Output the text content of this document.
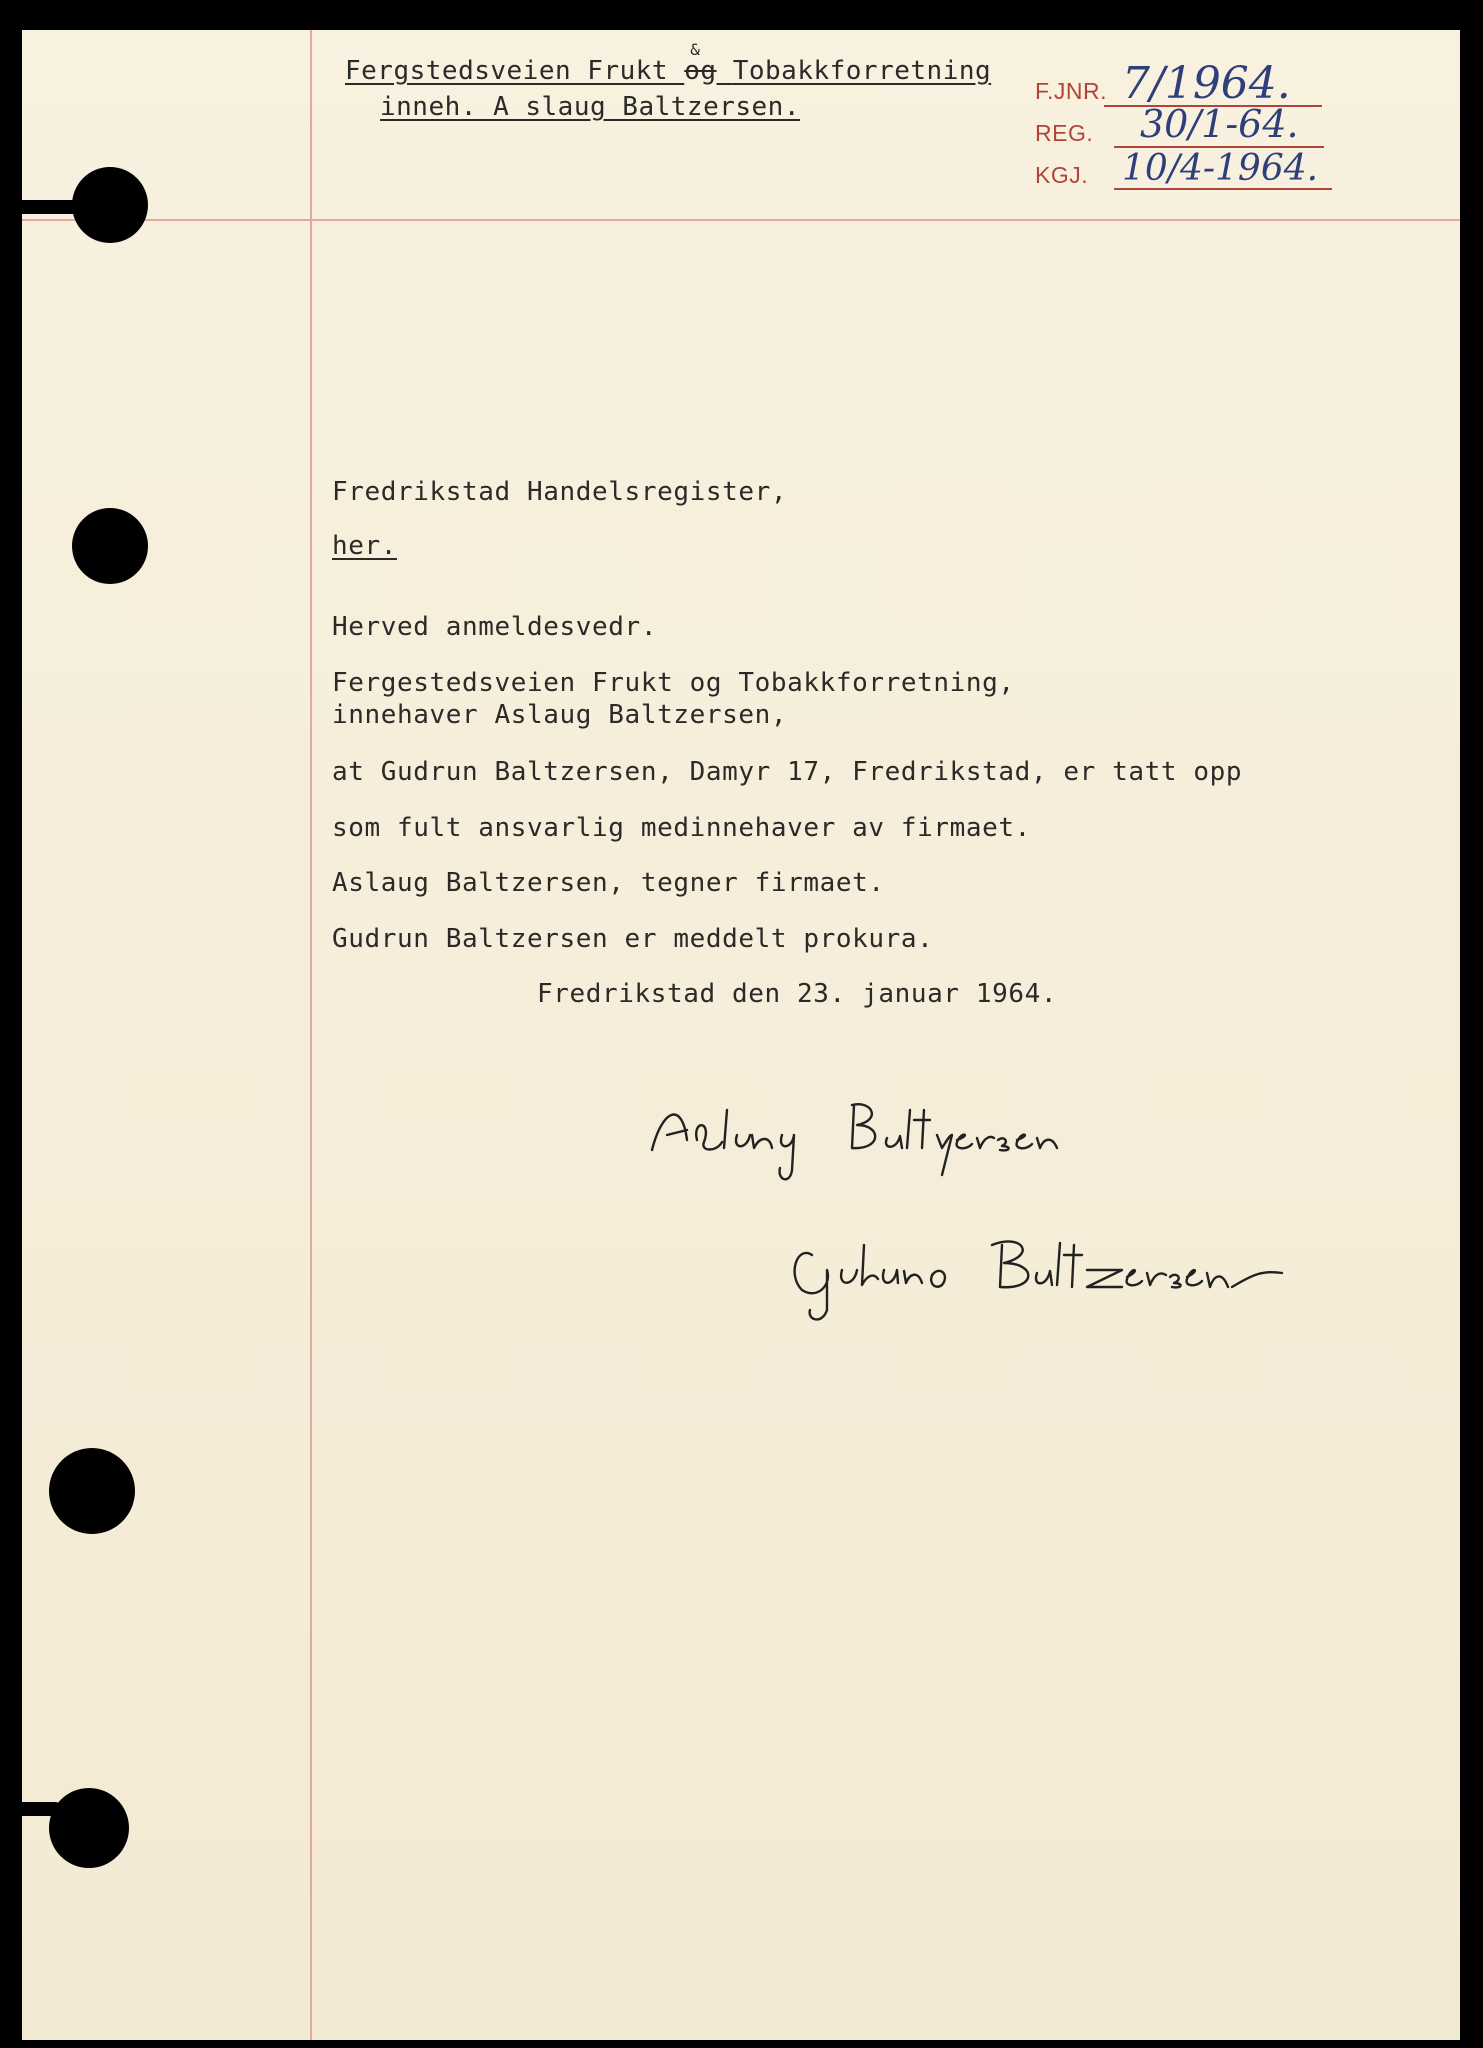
Fergstedsveien Frukt
&
og Tobakkforretning
inneh. A slaug Baltzersen.
F.JNR. 7/1964.
REG. 30/1-64.
KGJ. 10/4-1964.
Fredrikstad Handelsregister,
her.
Herved anmeldesvedr.
Fergestedsveien Frukt og Tobakkforretning,
innehaver Aslaug Baltzersen,
at Gudrun Baltzersen, Damyr 17, Fredrikstad, er tatt opp
som fult ansvarlig medinnehaver av firmaet.
Aslaug Baltzersen, tegner firmaet.
Gudrun Baltzersen er meddelt prokura.
Fredrikstad den 23. januar 1964.
